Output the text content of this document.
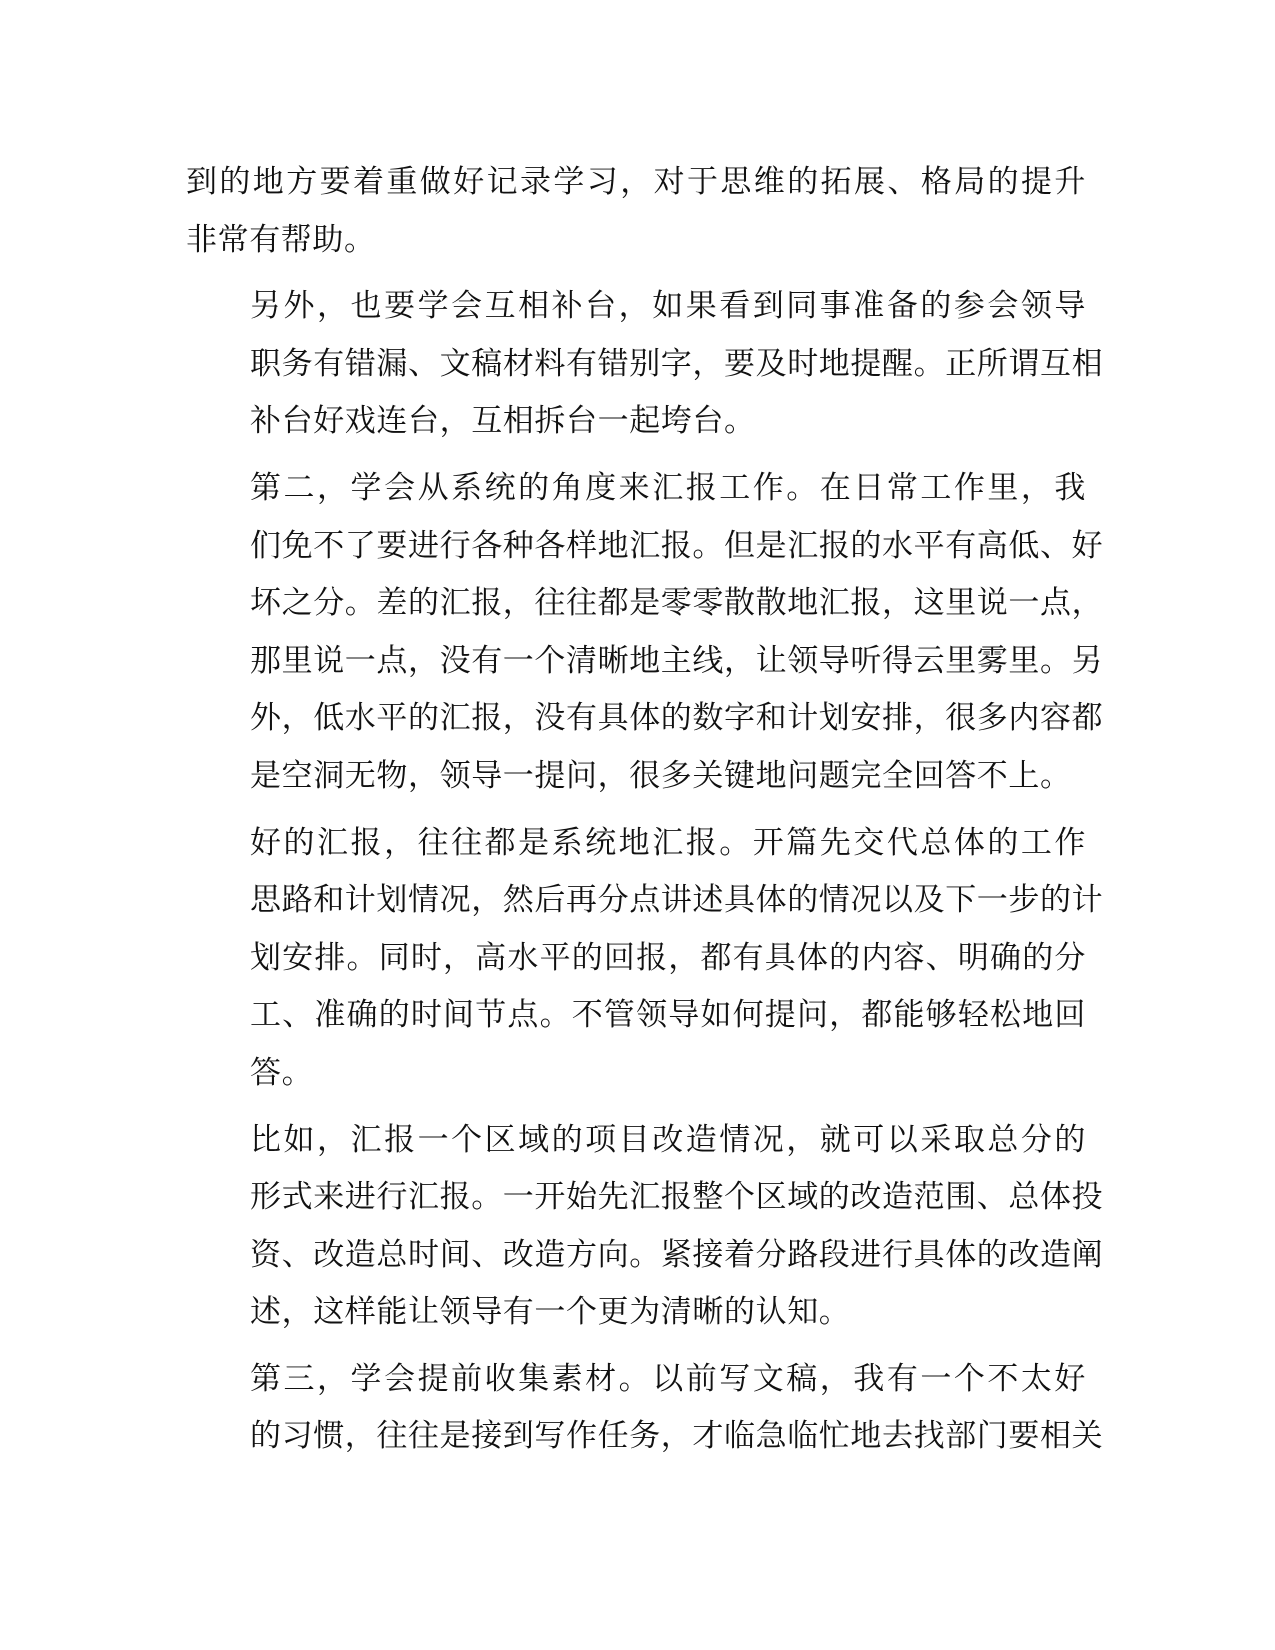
到的地方要着重做好记录学习，对于思维的拓展、格局的提升
非常有帮助。

另外，也要学会互相补台，如果看到同事准备的参会领导
职务有错漏、文稿材料有错别字，要及时地提醒。正所谓互相
补台好戏连台，互相拆台一起垮台。

第二，学会从系统的角度来汇报工作。在日常工作里，我
们免不了要进行各种各样地汇报。但是汇报的水平有高低、好
坏之分。差的汇报，往往都是零零散散地汇报，这里说一点，
那里说一点，没有一个清晰地主线，让领导听得云里雾里。另
外，低水平的汇报，没有具体的数字和计划安排，很多内容都
是空洞无物，领导一提问，很多关键地问题完全回答不上。

好的汇报，往往都是系统地汇报。开篇先交代总体的工作
思路和计划情况，然后再分点讲述具体的情况以及下一步的计
划安排。同时，高水平的回报，都有具体的内容、明确的分
工、准确的时间节点。不管领导如何提问，都能够轻松地回
答。

比如，汇报一个区域的项目改造情况，就可以采取总分的
形式来进行汇报。一开始先汇报整个区域的改造范围、总体投
资、改造总时间、改造方向。紧接着分路段进行具体的改造阐
述，这样能让领导有一个更为清晰的认知。

第三，学会提前收集素材。以前写文稿，我有一个不太好
的习惯，往往是接到写作任务，才临急临忙地去找部门要相关
